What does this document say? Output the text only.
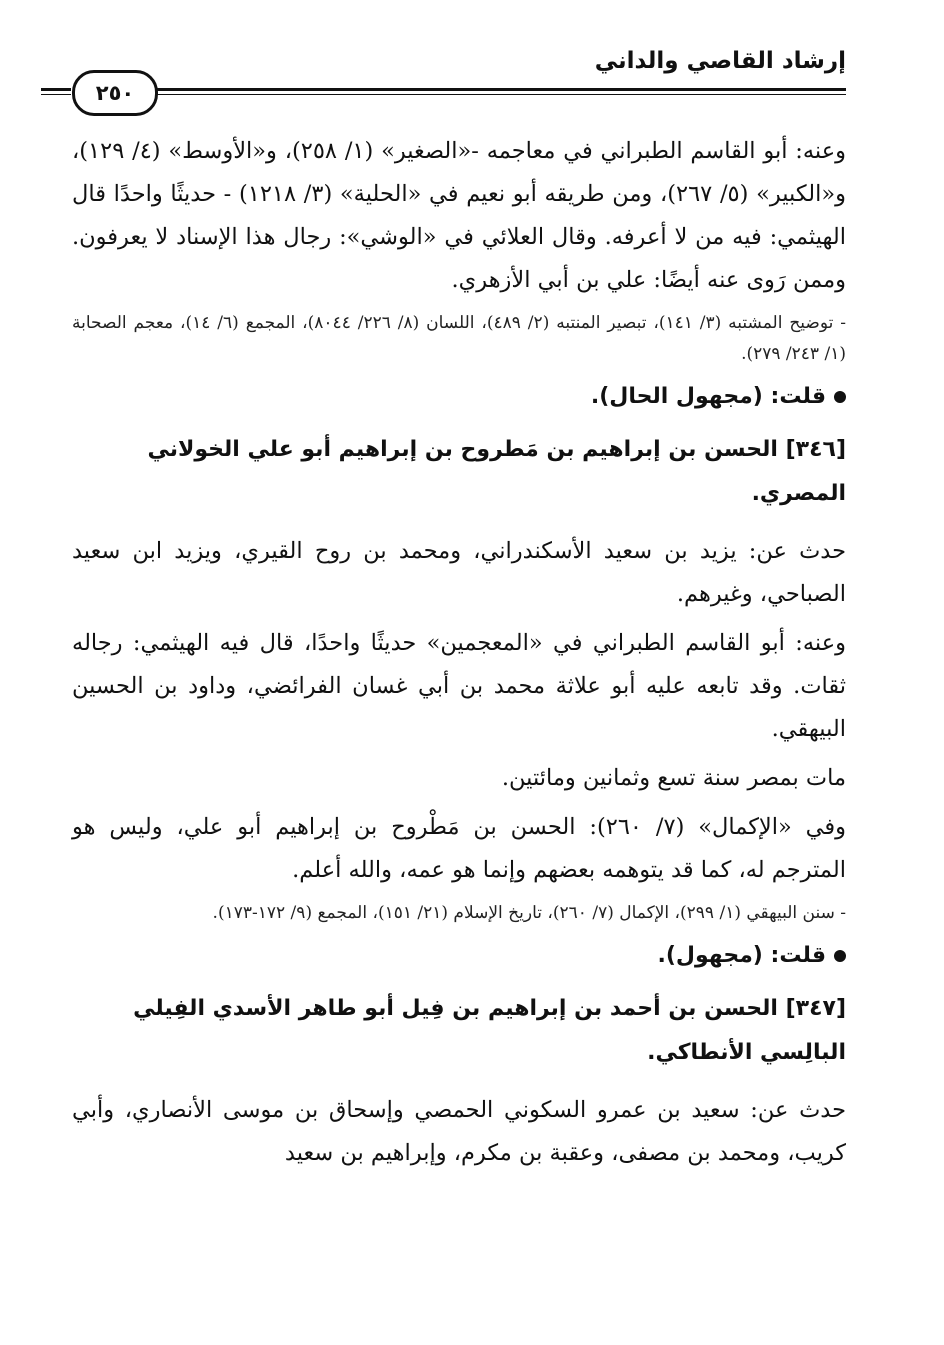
إرشاد القاصي والداني
٢٥٠

وعنه: أبو القاسم الطبراني في معاجمه -«الصغير» (١/ ٢٥٨)، و«الأوسط» (٤/ ١٢٩)، و«الكبير» (٥/ ٢٦٧)، ومن طريقه أبو نعيم في «الحلية» (٣/ ١٢١٨) - حديثًا واحدًا قال الهيثمي: فيه من لا أعرفه. وقال العلائي في «الوشي»: رجال هذا الإسناد لا يعرفون. وممن رَوى عنه أيضًا: علي بن أبي الأزهري.

- توضيح المشتبه (٣/ ١٤١)، تبصير المنتبه (٢/ ٤٨٩)، اللسان (٨/ ٢٢٦/ ٨٠٤٤)، المجمع (٦/ ١٤)، معجم الصحابة (١/ ٢٤٣/ ٢٧٩).

قلت: (مجهول الحال).
[٣٤٦] الحسن بن إبراهيم بن مَطروح بن إبراهيم أبو علي الخولاني المصري.

حدث عن: يزيد بن سعيد الأسكندراني، ومحمد بن روح القيري، ويزيد ابن سعيد الصباحي، وغيرهم.

وعنه: أبو القاسم الطبراني في «المعجمين» حديثًا واحدًا، قال فيه الهيثمي: رجاله ثقات. وقد تابعه عليه أبو علاثة محمد بن أبي غسان الفرائضي، وداود بن الحسين البيهقي.

مات بمصر سنة تسع وثمانين ومائتين.

وفي «الإكمال» (٧/ ٢٦٠): الحسن بن مَطْروح بن إبراهيم أبو علي، وليس هو المترجم له، كما قد يتوهمه بعضهم وإنما هو عمه، والله أعلم.

- سنن البيهقي (١/ ٢٩٩)، الإكمال (٧/ ٢٦٠)، تاريخ الإسلام (٢١/ ١٥١)، المجمع (٩/ ١٧٢-١٧٣).

قلت: (مجهول).
[٣٤٧] الحسن بن أحمد بن إبراهيم بن فِيل أبو طاهر الأسدي الفِيلي البالِسي الأنطاكي.

حدث عن: سعيد بن عمرو السكوني الحمصي وإسحاق بن موسى الأنصاري، وأبي كريب، ومحمد بن مصفى، وعقبة بن مكرم، وإبراهيم بن سعيد
